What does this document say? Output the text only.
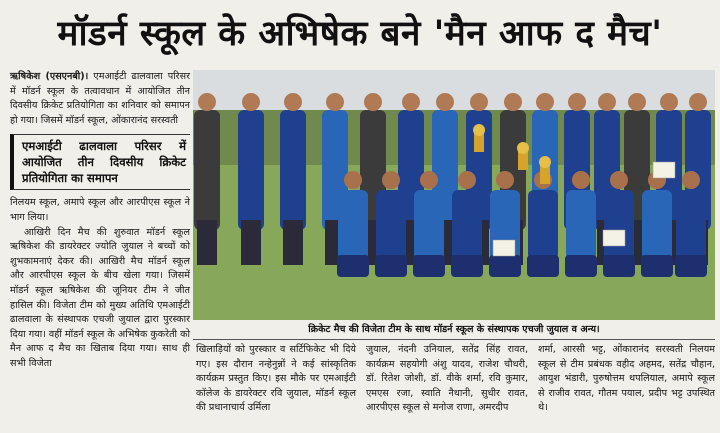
मॉडर्न स्कूल के अभिषेक बने 'मैन आफ द मैच'

ऋषिकेश (एसएनबी)। एमआईटी ढालवाला परिसर में मॉडर्न स्कूल के तत्वावधान में आयोजित तीन दिवसीय क्रिकेट प्रतियोगिता का शनिवार को समापन हो गया। जिसमें मॉडर्न स्कूल, ओंकारानंद सरस्वती

एमआईटी ढालवाला परिसर में आयोजित तीन दिवसीय क्रिकेट प्रतियोगिता का समापन

निलयम स्कूल, अमापे स्कूल और आरपीएस स्कूल ने भाग लिया।

आखिरी दिन मैच की शुरुवात मॉडर्न स्कूल ऋषिकेश की डायरेक्टर ज्योति जुयाल ने बच्चों को शुभकामनाएं देकर की। आखिरी मैच मॉडर्न स्कूल और आरपीएस स्कूल के बीच खेला गया। जिसमें मॉडर्न स्कूल ऋषिकेश की जूनियर टीम ने जीत हासिल की। विजेता टीम को मुख्य अतिथि एमआईटी ढालवाला के संस्थापक एचजी जुयाल द्वारा पुरस्कार दिया गया। वहीं मॉडर्न स्कूल के अभिषेक कुकरेती को मैन आफ द मैच का खिताब दिया गया। साथ ही सभी विजेता

क्रिकेट मैच की विजेता टीम के साथ मॉडर्न स्कूल के संस्थापक एचजी जुयाल व अन्य।

खिलाड़ियों को पुरस्कार व सर्टिफिकेट भी दिये गए। इस दौरान नन्हेनुन्नों ने कई सांस्कृतिक कार्यक्रम प्रस्तुत किए। इस मौके पर एमआईटी कॉलेज के डायरेक्टर रवि जुयाल, मॉडर्न स्कूल की प्रधानाचार्य उर्मिला

जुयाल, नंदनी उनियाल, सतेंद्र सिंह रावत, कार्यक्रम सहयोगी अंशु यादव, राजेश चौधरी, डॉ. रितेश जोशी, डॉ. वीके शर्मा, रवि कुमार, एमएस रजा, स्वाति नैथानी, सुधीर रावत, आरपीएस स्कूल से मनोज राणा, अमरदीप

शर्मा, आरसी भट्ट, ओंकारानंद सरस्वती निलयम स्कूल से टीम प्रबंधक वहीद अहमद, सतेंद्र चौहान, आयुश भंडारी, पुरुषोत्तम थपलियाल, अमापे स्कूल से राजीव रावत, गौतम पयाल, प्रदीप भट्ट उपस्थित थे।
